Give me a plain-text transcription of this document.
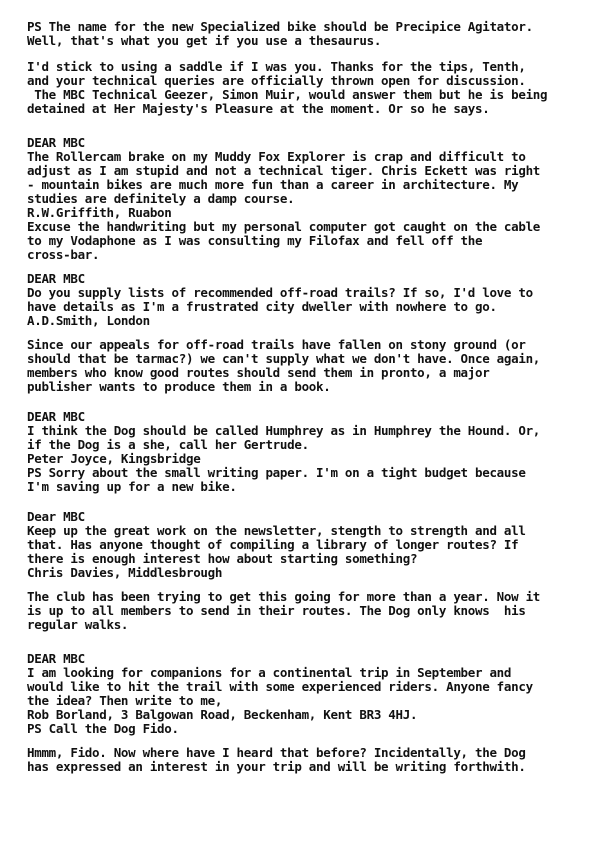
PS The name for the new Specialized bike should be Precipice Agitator.
Well, that's what you get if you use a thesaurus.
I'd stick to using a saddle if I was you. Thanks for the tips, Tenth,
and your technical queries are officially thrown open for discussion.
The MBC Technical Geezer, Simon Muir, would answer them but he is being
detained at Her Majesty's Pleasure at the moment. Or so he says.
DEAR MBC
The Rollercam brake on my Muddy Fox Explorer is crap and difficult to
adjust as I am stupid and not a technical tiger. Chris Eckett was right
- mountain bikes are much more fun than a career in architecture. My
studies are definitely a damp course.
R.W.Griffith, Ruabon
Excuse the handwriting but my personal computer got caught on the cable
to my Vodaphone as I was consulting my Filofax and fell off the
cross-bar.
DEAR MBC
Do you supply lists of recommended off-road trails? If so, I'd love to
have details as I'm a frustrated city dweller with nowhere to go.
A.D.Smith, London
Since our appeals for off-road trails have fallen on stony ground (or
should that be tarmac?) we can't supply what we don't have. Once again,
members who know good routes should send them in pronto, a major
publisher wants to produce them in a book.
DEAR MBC
I think the Dog should be called Humphrey as in Humphrey the Hound. Or,
if the Dog is a she, call her Gertrude.
Peter Joyce, Kingsbridge
PS Sorry about the small writing paper. I'm on a tight budget because
I'm saving up for a new bike.
Dear MBC
Keep up the great work on the newsletter, stength to strength and all
that. Has anyone thought of compiling a library of longer routes? If
there is enough interest how about starting something?
Chris Davies, Middlesbrough
The club has been trying to get this going for more than a year. Now it
is up to all members to send in their routes. The Dog only knows  his
regular walks.
DEAR MBC
I am looking for companions for a continental trip in September and
would like to hit the trail with some experienced riders. Anyone fancy
the idea? Then write to me,
Rob Borland, 3 Balgowan Road, Beckenham, Kent BR3 4HJ.
PS Call the Dog Fido.
Hmmm, Fido. Now where have I heard that before? Incidentally, the Dog
has expressed an interest in your trip and will be writing forthwith.
